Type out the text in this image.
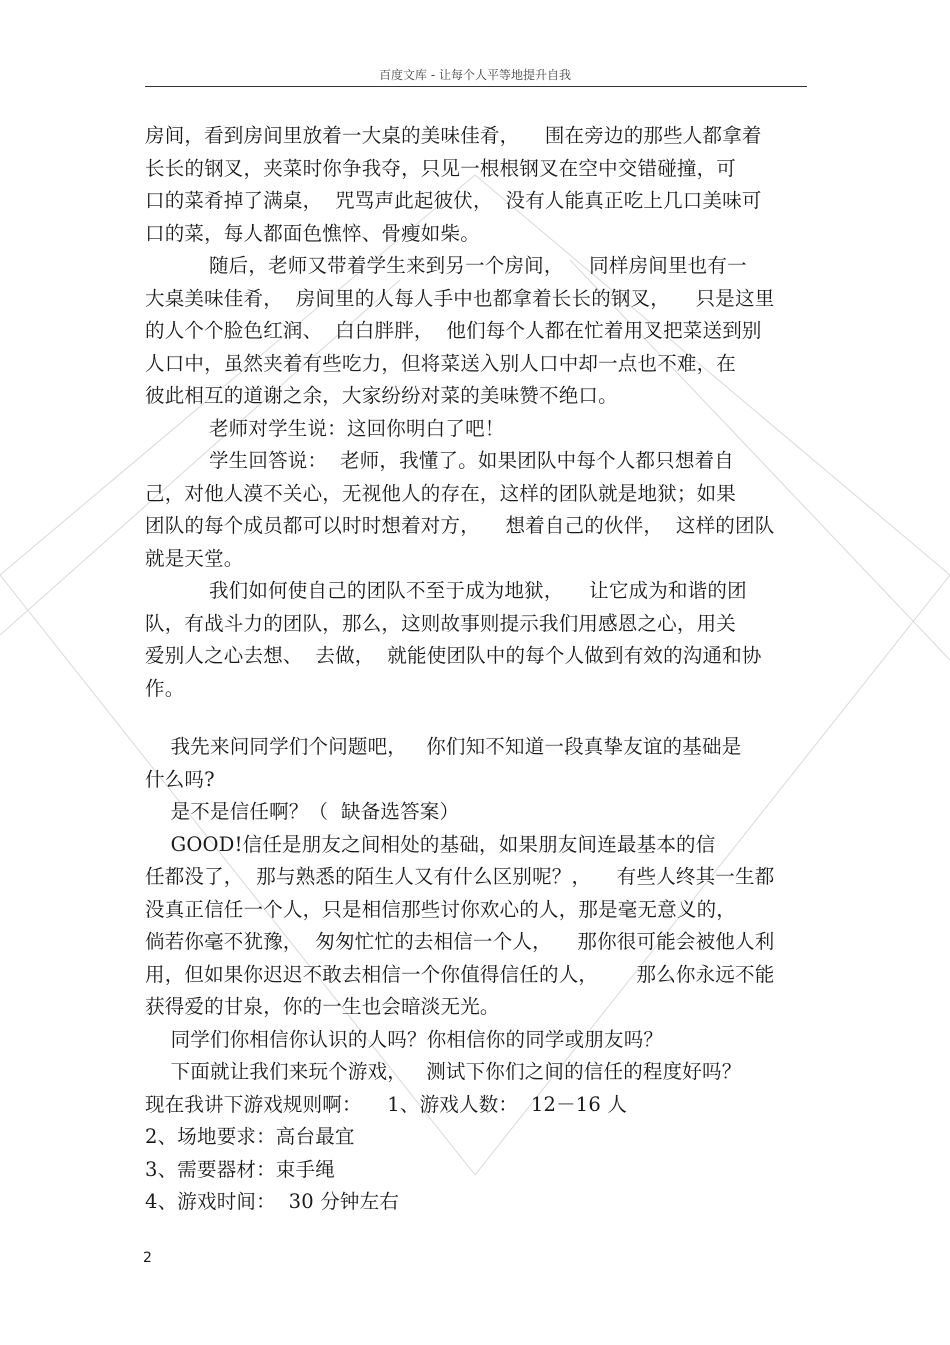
百度文库 - 让每个人平等地提升自我
房间，看到房间里放着一大桌的美味佳肴，    围在旁边的那些人都拿着
长长的钢叉，夹菜时你争我夺，只见一根根钢叉在空中交错碰撞，可
口的菜肴掉了满桌，  咒骂声此起彼伏，  没有人能真正吃上几口美味可
口的菜，每人都面色憔悴、骨瘦如柴。
随后，老师又带着学生来到另一个房间，    同样房间里也有一
大桌美味佳肴，  房间里的人每人手中也都拿着长长的钢叉，    只是这里
的人个个脸色红润、  白白胖胖，  他们每个人都在忙着用叉把菜送到别
人口中，虽然夹着有些吃力，但将菜送入别人口中却一点也不难，在
彼此相互的道谢之余，大家纷纷对菜的美味赞不绝口。
老师对学生说：这回你明白了吧！
学生回答说：  老师，我懂了。如果团队中每个人都只想着自
己，对他人漠不关心，无视他人的存在，这样的团队就是地狱；如果
团队的每个成员都可以时时想着对方，    想着自己的伙伴，  这样的团队
就是天堂。
我们如何使自己的团队不至于成为地狱，    让它成为和谐的团
队，有战斗力的团队，那么，这则故事则提示我们用感恩之心，用关
爱别人之心去想、  去做，  就能使团队中的每个人做到有效的沟通和协
作。
我先来问同学们个问题吧，   你们知不知道一段真挚友谊的基础是
什么吗?
是不是信任啊？（  缺备选答案）
GOOD!信任是朋友之间相处的基础，如果朋友间连最基本的信
任都没了，  那与熟悉的陌生人又有什么区别呢？，    有些人终其一生都
没真正信任一个人，只是相信那些讨你欢心的人，那是毫无意义的，
倘若你毫不犹豫，  匆匆忙忙的去相信一个人，    那你很可能会被他人利
用，但如果你迟迟不敢去相信一个你值得信任的人，      那么你永远不能
获得爱的甘泉，你的一生也会暗淡无光。
同学们你相信你认识的人吗？你相信你的同学或朋友吗？
下面就让我们来玩个游戏，   测试下你们之间的信任的程度好吗？
现在我讲下游戏规则啊：    1、游戏人数：  12－16 人
2、场地要求：高台最宜
3、需要器材：束手绳
4、游戏时间：  30 分钟左右
2
